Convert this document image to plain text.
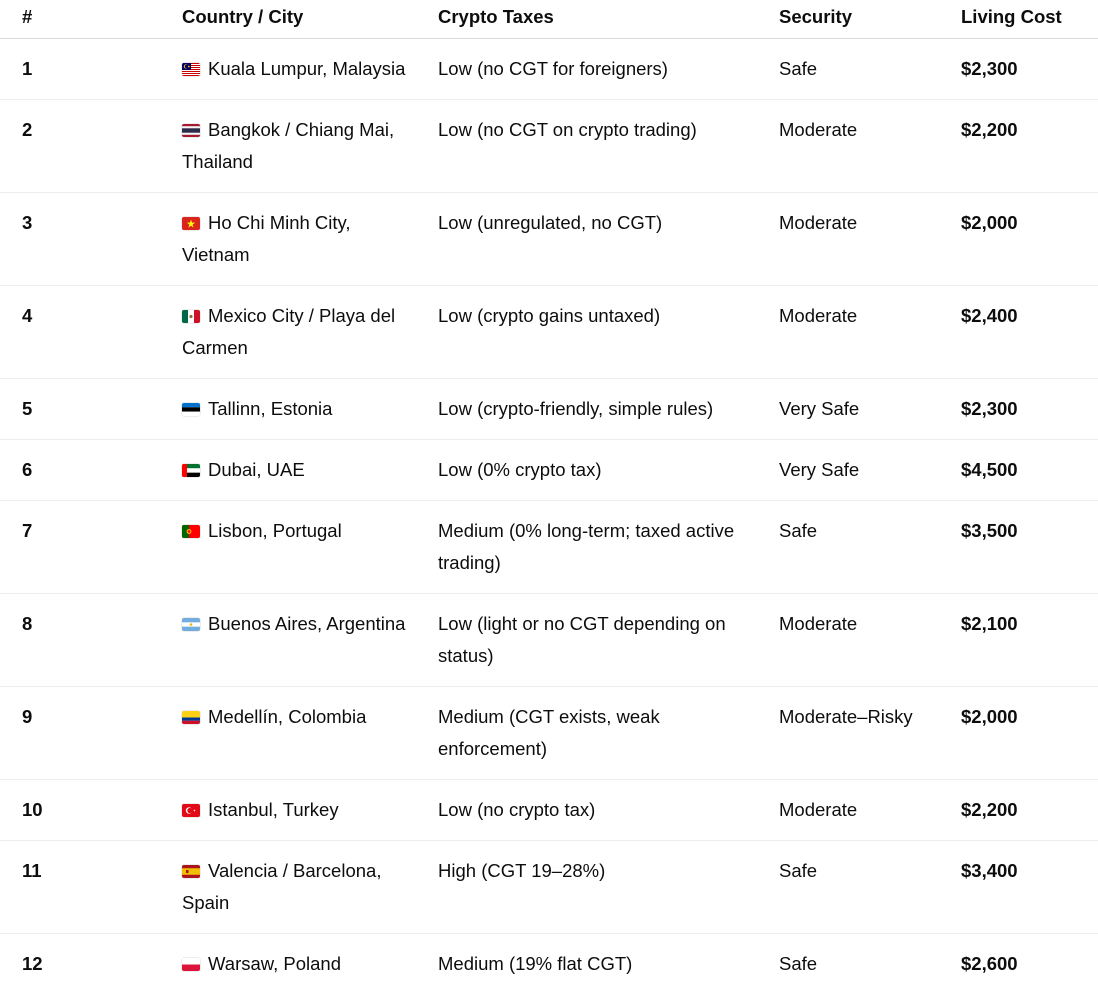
#	Country / City	Crypto Taxes	Security	Living Cost
1	Kuala Lumpur, Malaysia	Low (no CGT for foreigners)	Safe	$2,300
2	Bangkok / Chiang Mai, Thailand	Low (no CGT on crypto trading)	Moderate	$2,200
3	Ho Chi Minh City, Vietnam	Low (unregulated, no CGT)	Moderate	$2,000
4	Mexico City / Playa del Carmen	Low (crypto gains untaxed)	Moderate	$2,400
5	Tallinn, Estonia	Low (crypto-friendly, simple rules)	Very Safe	$2,300
6	Dubai, UAE	Low (0% crypto tax)	Very Safe	$4,500
7	Lisbon, Portugal	Medium (0% long-term; taxed active trading)	Safe	$3,500
8	Buenos Aires, Argentina	Low (light or no CGT depending on status)	Moderate	$2,100
9	Medellín, Colombia	Medium (CGT exists, weak enforcement)	Moderate–Risky	$2,000
10	Istanbul, Turkey	Low (no crypto tax)	Moderate	$2,200
11	Valencia / Barcelona, Spain	High (CGT 19–28%)	Safe	$3,400
12	Warsaw, Poland	Medium (19% flat CGT)	Safe	$2,600
